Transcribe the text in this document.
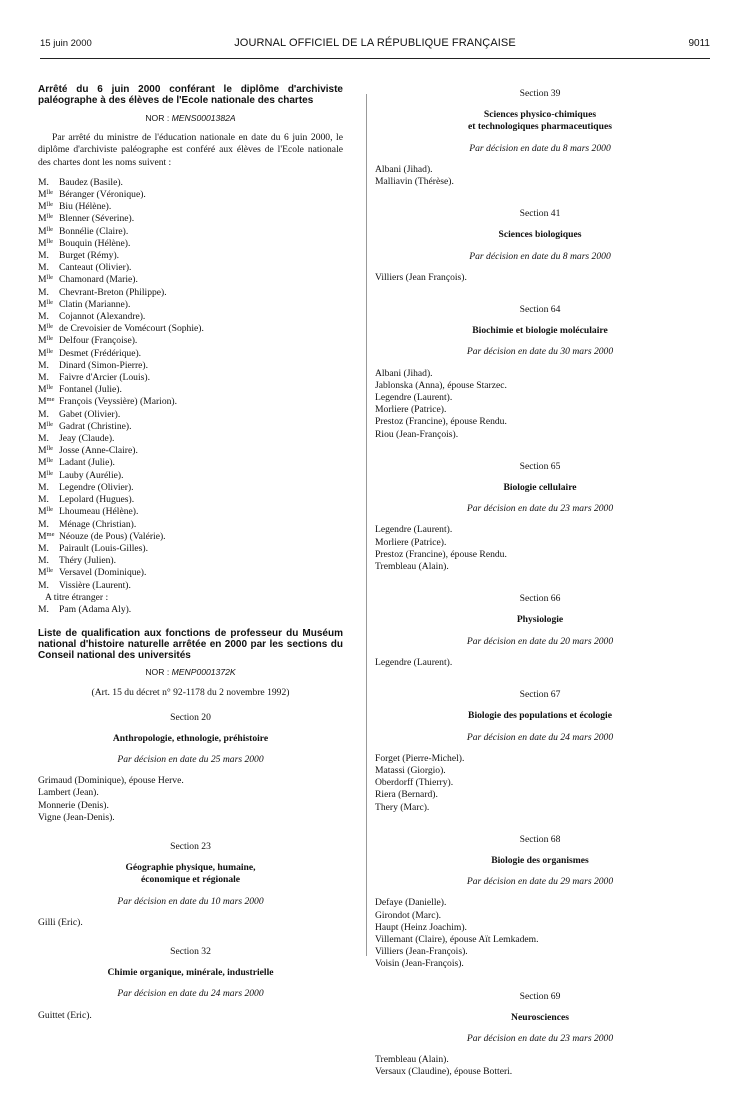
15 juin 2000	JOURNAL OFFICIEL DE LA RÉPUBLIQUE FRANÇAISE	9011

Arrêté du 6 juin 2000 conférant le diplôme d'archiviste paléographe à des élèves de l'Ecole nationale des chartes

NOR : MENS0001382A

Par arrêté du ministre de l'éducation nationale en date du 6 juin 2000, le diplôme d'archiviste paléographe est conféré aux élèves de l'Ecole nationale des chartes dont les noms suivent :

M. Baudez (Basile).
$M^{lle}$ Béranger (Véronique).
$M^{lle}$ Biu (Hélène).
$M^{lle}$ Blenner (Séverine).
$M^{lle}$ Bonnélie (Claire).
$M^{lle}$ Bouquin (Hélène).
M. Burget (Rémy).
M. Canteaut (Olivier).
$M^{lle}$ Chamonard (Marie).
M. Chevrant-Breton (Philippe).
$M^{lle}$ Clatin (Marianne).
M. Cojannot (Alexandre).
$M^{lle}$ de Crevoisier de Vomécourt (Sophie).
$M^{lle}$ Delfour (Françoise).
$M^{lle}$ Desmet (Frédérique).
M. Dinard (Simon-Pierre).
M. Faivre d'Arcier (Louis).
$M^{lle}$ Fontanel (Julie).
$M^{me}$ François (Veyssière) (Marion).
M. Gabet (Olivier).
$M^{lle}$ Gadrat (Christine).
M. Jeay (Claude).
$M^{lle}$ Josse (Anne-Claire).
$M^{lle}$ Ladant (Julie).
$M^{lle}$ Lauby (Aurélie).
M. Legendre (Olivier).
M. Lepolard (Hugues).
$M^{lle}$ Lhoumeau (Hélène).
M. Ménage (Christian).
$M^{me}$ Néouze (de Pous) (Valérie).
M. Pairault (Louis-Gilles).
M. Théry (Julien).
$M^{lle}$ Versavel (Dominique).
M. Vissière (Laurent).

A titre étranger :

M. Pam (Adama Aly).

Liste de qualification aux fonctions de professeur du Muséum national d'histoire naturelle arrêtée en 2000 par les sections du Conseil national des universités

NOR : MENP0001372K

(Art. 15 du décret n° 92-1178 du 2 novembre 1992)

Section 20

Anthropologie, ethnologie, préhistoire

Par décision en date du 25 mars 2000

Grimaud (Dominique), épouse Herve.
Lambert (Jean).
Monnerie (Denis).
Vigne (Jean-Denis).

Section 23

Géographie physique, humaine,

économique et régionale

Par décision en date du 10 mars 2000

Gilli (Eric).

Section 32

Chimie organique, minérale, industrielle

Par décision en date du 24 mars 2000

Guittet (Eric).

Section 39

Sciences physico-chimiques

et technologiques pharmaceutiques

Par décision en date du 8 mars 2000

Albani (Jihad).
Malliavin (Thérèse).

Section 41

Sciences biologiques

Par décision en date du 8 mars 2000

Villiers (Jean François).

Section 64

Biochimie et biologie moléculaire

Par décision en date du 30 mars 2000

Albani (Jihad).
Jablonska (Anna), épouse Starzec.
Legendre (Laurent).
Morliere (Patrice).
Prestoz (Francine), épouse Rendu.
Riou (Jean-François).

Section 65

Biologie cellulaire

Par décision en date du 23 mars 2000

Legendre (Laurent).
Morliere (Patrice).
Prestoz (Francine), épouse Rendu.
Trembleau (Alain).

Section 66

Physiologie

Par décision en date du 20 mars 2000

Legendre (Laurent).

Section 67

Biologie des populations et écologie

Par décision en date du 24 mars 2000

Forget (Pierre-Michel).
Matassi (Giorgio).
Oberdorff (Thierry).
Riera (Bernard).
Thery (Marc).

Section 68

Biologie des organismes

Par décision en date du 29 mars 2000

Defaye (Danielle).
Girondot (Marc).
Haupt (Heinz Joachim).
Villemant (Claire), épouse Aït Lemkadem.
Villiers (Jean-François).
Voisin (Jean-François).

Section 69

Neurosciences

Par décision en date du 23 mars 2000

Trembleau (Alain).
Versaux (Claudine), épouse Botteri.
